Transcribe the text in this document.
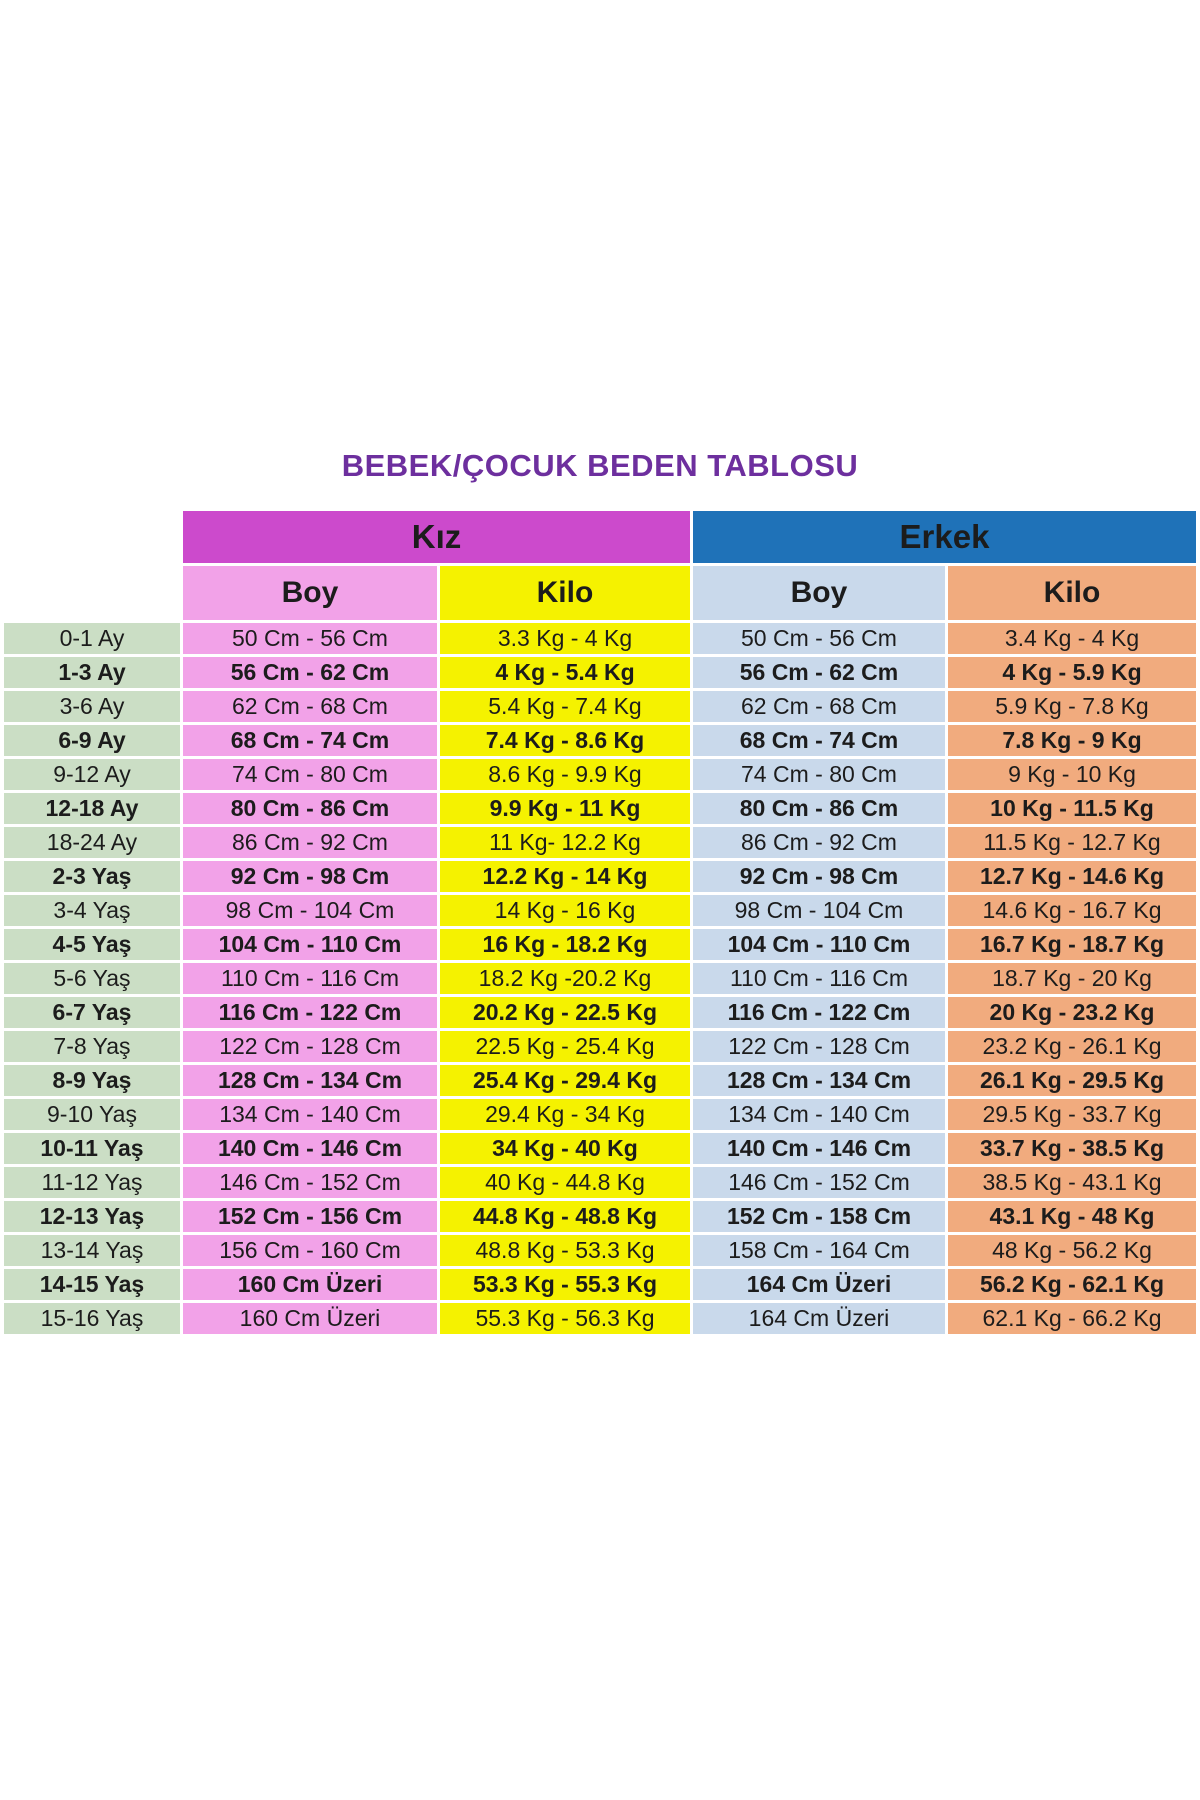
BEBEK/ÇOCUK BEDEN TABLOSU
	Kız		Erkek	
	Boy	Kilo	Boy	Kilo
0-1 Ay	50 Cm - 56 Cm	3.3 Kg - 4 Kg	50 Cm - 56 Cm	3.4 Kg - 4 Kg
1-3 Ay	56 Cm - 62 Cm	4 Kg - 5.4 Kg	56 Cm - 62 Cm	4 Kg - 5.9 Kg
3-6 Ay	62 Cm - 68 Cm	5.4 Kg - 7.4 Kg	62 Cm - 68 Cm	5.9 Kg - 7.8 Kg
6-9 Ay	68 Cm - 74 Cm	7.4 Kg - 8.6 Kg	68 Cm - 74 Cm	7.8 Kg - 9 Kg
9-12 Ay	74 Cm - 80 Cm	8.6 Kg - 9.9 Kg	74 Cm - 80 Cm	9 Kg - 10 Kg
12-18 Ay	80 Cm - 86 Cm	9.9 Kg - 11 Kg	80 Cm - 86 Cm	10 Kg - 11.5 Kg
18-24 Ay	86 Cm - 92 Cm	11 Kg- 12.2 Kg	86 Cm - 92 Cm	11.5 Kg - 12.7 Kg
2-3 Yaş	92 Cm - 98 Cm	12.2 Kg - 14 Kg	92 Cm - 98 Cm	12.7 Kg - 14.6 Kg
3-4 Yaş	98 Cm - 104 Cm	14 Kg - 16 Kg	98 Cm - 104 Cm	14.6 Kg - 16.7 Kg
4-5 Yaş	104 Cm - 110 Cm	16 Kg - 18.2 Kg	104 Cm - 110 Cm	16.7 Kg - 18.7 Kg
5-6 Yaş	110 Cm - 116 Cm	18.2 Kg -20.2 Kg	110 Cm - 116 Cm	18.7 Kg - 20 Kg
6-7 Yaş	116 Cm - 122 Cm	20.2 Kg - 22.5 Kg	116 Cm - 122 Cm	20 Kg - 23.2 Kg
7-8 Yaş	122 Cm - 128 Cm	22.5 Kg - 25.4 Kg	122 Cm - 128 Cm	23.2 Kg - 26.1 Kg
8-9 Yaş	128 Cm - 134 Cm	25.4 Kg - 29.4 Kg	128 Cm - 134 Cm	26.1 Kg - 29.5 Kg
9-10 Yaş	134 Cm - 140 Cm	29.4 Kg - 34 Kg	134 Cm - 140 Cm	29.5 Kg - 33.7 Kg
10-11 Yaş	140 Cm - 146 Cm	34 Kg - 40 Kg	140 Cm - 146 Cm	33.7 Kg - 38.5 Kg
11-12 Yaş	146 Cm - 152 Cm	40 Kg - 44.8 Kg	146 Cm - 152 Cm	38.5 Kg - 43.1 Kg
12-13 Yaş	152 Cm - 156 Cm	44.8 Kg - 48.8 Kg	152 Cm - 158 Cm	43.1 Kg - 48 Kg
13-14 Yaş	156 Cm - 160 Cm	48.8 Kg - 53.3 Kg	158 Cm - 164 Cm	48 Kg - 56.2 Kg
14-15 Yaş	160 Cm Üzeri	53.3 Kg - 55.3 Kg	164 Cm Üzeri	56.2 Kg - 62.1 Kg
15-16 Yaş	160 Cm Üzeri	55.3 Kg - 56.3 Kg	164 Cm Üzeri	62.1 Kg - 66.2 Kg
